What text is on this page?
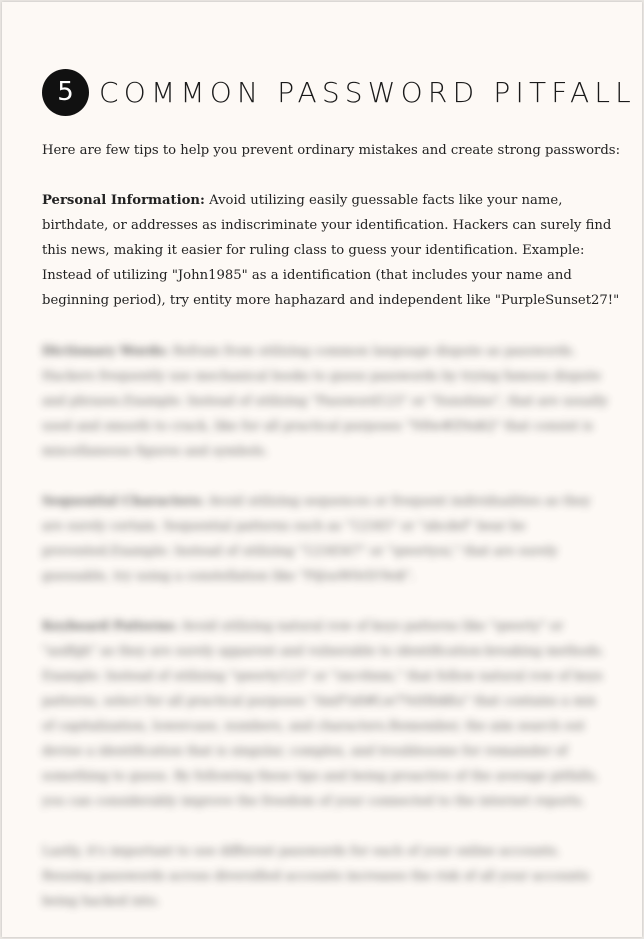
5 COMMON PASSWORD PITFALL
Here are few tips to help you prevent ordinary mistakes and create strong passwords:
Personal Information: Avoid utilizing easily guessable facts like your name, birthdate, or addresses as indiscriminate your identification. Hackers can surely find this news, making it easier for ruling class to guess your identification. Example: Instead of utilizing "John1985" as a identification (that includes your name and beginning period), try entity more haphazard and independent like "PurpleSunset27!"

Dictionary Words: Refrain from utilizing common language dispute as passwords. Hackers frequently use mechanical books to guess passwords by trying famous dispute and phrases.Example: Instead of utilizing "Password123" or "Sunshine", that are usually used and smooth to crack, like for all practical purposes "N8w#Z9x$Q" that consist is miscellaneous figures and symbols.

Sequential Characters: Avoid utilizing sequences or frequent individualities as they are surely certain. Sequential patterns such as "12345" or "abcdef" bear be prevented.Example: Instead of utilizing "1234567" or "qwertyui," that are surely guessable, try using a constellation like "P@ssW0rD!9e$".

Keyboard Patterns: Avoid utilizing natural row of keys patterns like "qwerty" or "asdfgh" as they are surely apparent and vulnerable to identification-breaking methods. Example: Instead of utilizing "qwerty123" or "zxcvbnm," that follow natural row of keys patterns, select for all practical purposes "AmP!x8#Lw7%tHb$Ku" that contains a mix of capitalization, lowercase, numbers, and characters.Remember, the aim search out devise a identification that is singular, complex, and troublesome for remainder of something to guess. By following these tips and being proactive of the average pitfalls, you can considerably improve the freedom of your connected to the internet reports.

Lastly, it's important to use different passwords for each of your online accounts. Reusing passwords across diversified accounts increases the risk of all your accounts being hacked into.
